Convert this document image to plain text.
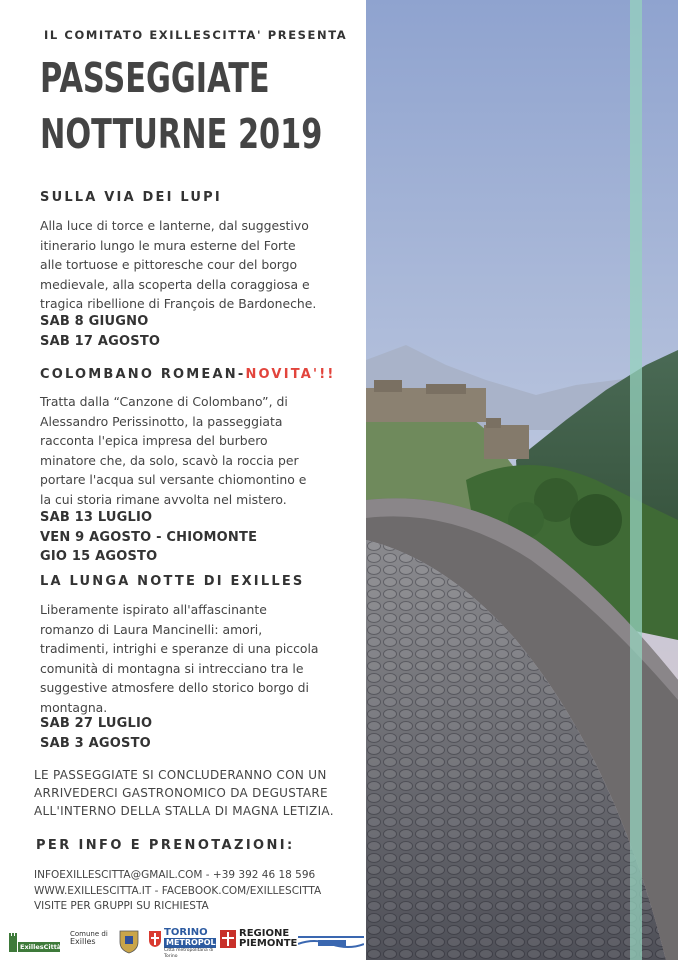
IL COMITATO EXILLESCITTA' PRESENTA
PASSEGGIATE
NOTTURNE 2019
SULLA VIA DEI LUPI

Alla luce di torce e lanterne, dal suggestivo

itinerario lungo le mura esterne del Forte

alle tortuose e pittoresche cour del borgo

medievale, alla scoperta della coraggiosa e

tragica ribellione di François de Bardoneche.

SAB 8 GIUGNO
SAB 17 AGOSTO
COLOMBANO ROMEAN-NOVITA'!!

Tratta dalla “Canzone di Colombano”, di

Alessandro Perissinotto, la passeggiata

racconta l'epica impresa del burbero

minatore che, da solo, scavò la roccia per

portare l'acqua sul versante chiomontino e

la cui storia rimane avvolta nel mistero.

SAB 13 LUGLIO
VEN 9 AGOSTO - CHIOMONTE
GIO 15 AGOSTO
LA LUNGA NOTTE DI EXILLES

Liberamente ispirato all'affascinante

romanzo di Laura Mancinelli: amori,

tradimenti, intrighi e speranze di una piccola

comunità di montagna si intrecciano tra le

suggestive atmosfere dello storico borgo di

montagna.

SAB 27 LUGLIO
SAB 3 AGOSTO
LE PASSEGGIATE SI CONCLUDERANNO CON UN
ARRIVEDERCI GASTRONOMICO DA DEGUSTARE
ALL'INTERNO DELLA STALLA DI MAGNA LETIZIA.
PER INFO E PRENOTAZIONI:
INFOEXILLESCITTA@GMAIL.COM - +39 392 46 18 596
WWW.EXILLESCITTA.IT - FACEBOOK.COM/EXILLESCITTA
VISITE PER GRUPPI SU RICHIESTA
ExillesCittà
Comune di
Exilles
TORINO
METROPOLI
Città metropolitana di Torino
REGIONE
PIEMONTE
